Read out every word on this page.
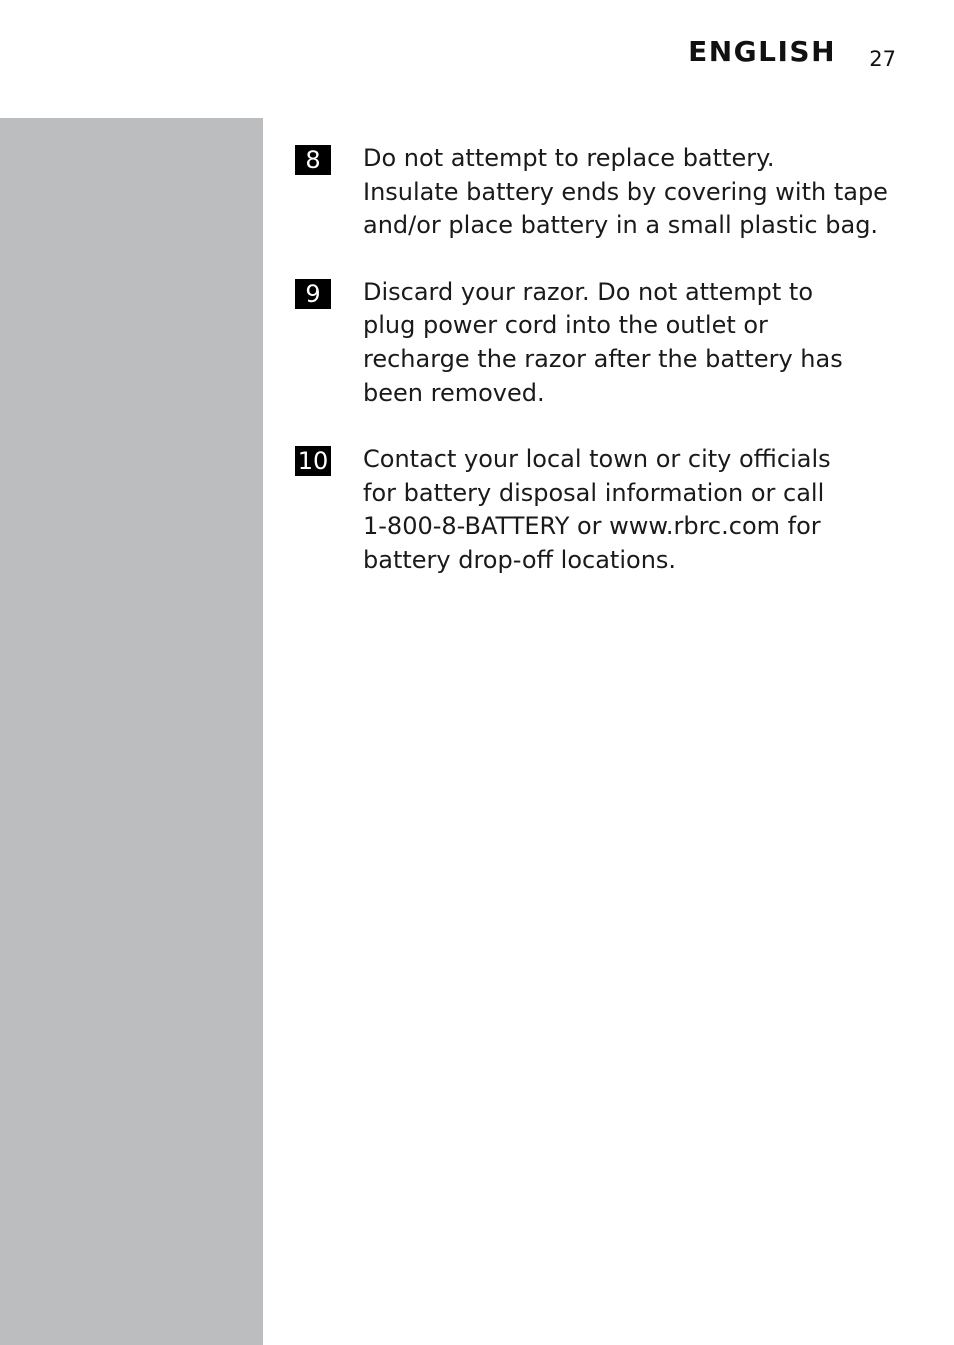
ENGLISH 27
8	Do not attempt to replace battery.
Insulate battery ends by covering with tape
and/or place battery in a small plastic bag.
9	Discard your razor. Do not attempt to
plug power cord into the outlet or
recharge the razor after the battery has
been removed.
10 Contact your local town or city officials
for battery disposal information or call
1-800-8-BATTERY or www.rbrc.com for
battery drop-off locations.
